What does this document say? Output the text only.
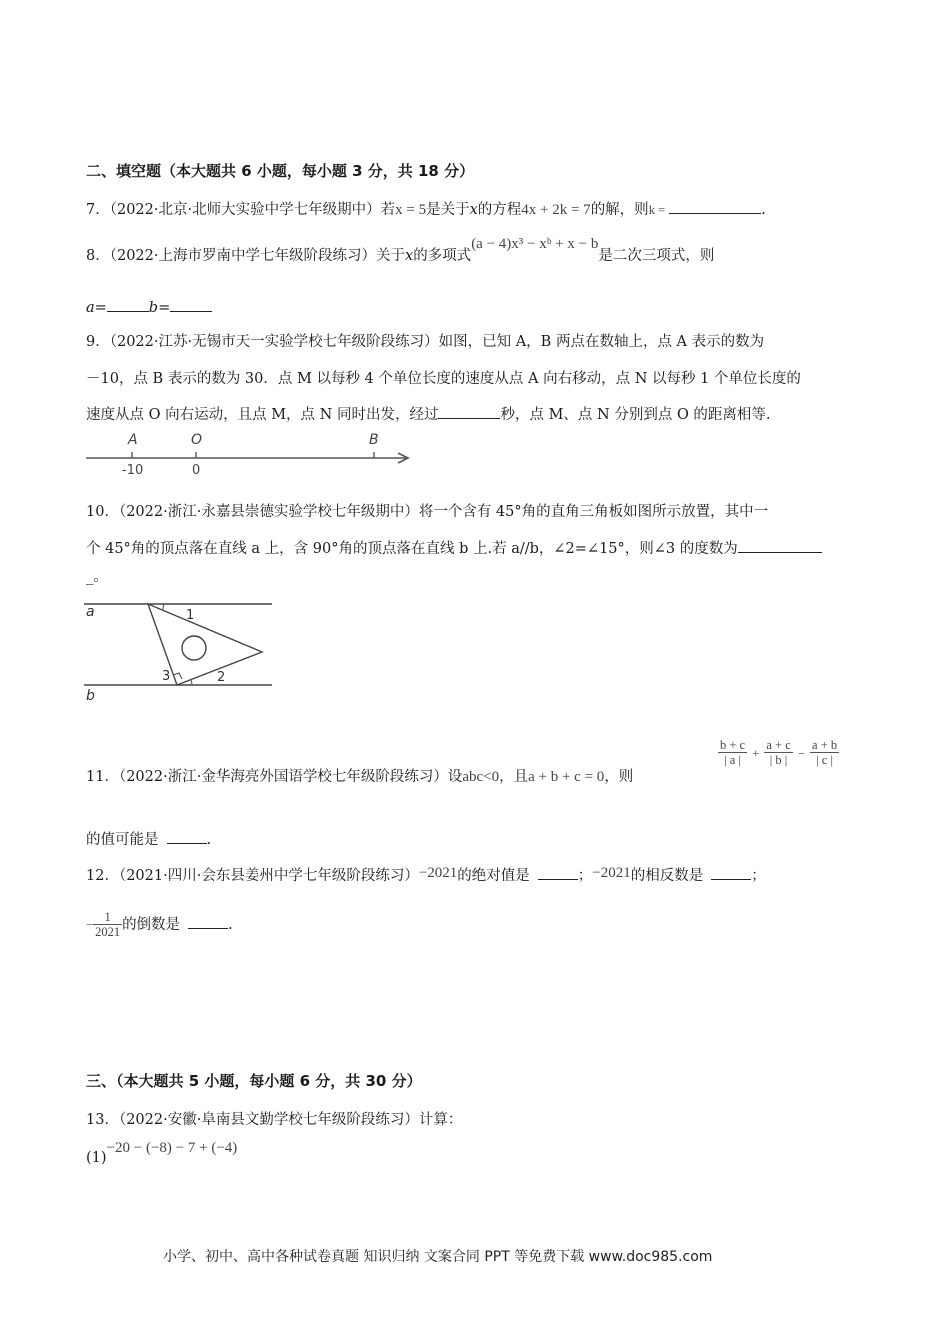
二、填空题（本大题共 6 小题，每小题 3 分，共 18 分）
7．（2022·北京·北师大实验中学七年级期中）若x = 5是关于x的方程4x + 2k = 7的解，则k =	.
8．（2022·上海市罗南中学七年级阶段练习）关于x的多项式(a − 4)x³ − xᵇ + x − b是二次三项式，则
a=	b=
9．（2022·江苏·无锡市天一实验学校七年级阶段练习）如图，已知 A，B 两点在数轴上，点 A 表示的数为
－10，点 B 表示的数为 30．点 M 以每秒 4 个单位长度的速度从点 A 向右移动，点 N 以每秒 1 个单位长度的
速度从点 O 向右运动，且点 M，点 N 同时出发，经过	秒，点 M、点 N 分别到点 O 的距离相等.
A	O	B
-10	0
10．（2022·浙江·永嘉县崇德实验学校七年级期中）将一个含有 45°角的直角三角板如图所示放置，其中一
个 45°角的顶点落在直线 a 上，含 90°角的顶点落在直线 b 上.若 a//b，∠2=∠15°，则∠3 的度数为
_。
a
b
1
2
3
11．（2022·浙江·金华海亮外国语学校七年级阶段练习）设abc<0，且a + b + c = 0，则
$\frac{b + c}{| a |} + \frac{a + c}{| b |} - \frac{a + b}{| c |}$
的值可能是	.
12．（2021·四川·会东县姜州中学七年级阶段练习）−2021的绝对值是	；−2021的相反数是	；
− $\frac{1}{2021}$ 的倒数是	.
三、（本大题共 5 小题，每小题 6 分，共 30 分）
13．（2022·安徽·阜南县文勤学校七年级阶段练习）计算：
(1)−20 − (−8) − 7 + (−4)
小学、初中、高中各种试卷真题 知识归纳 文案合同 PPT 等免费下载 www.doc985.com
